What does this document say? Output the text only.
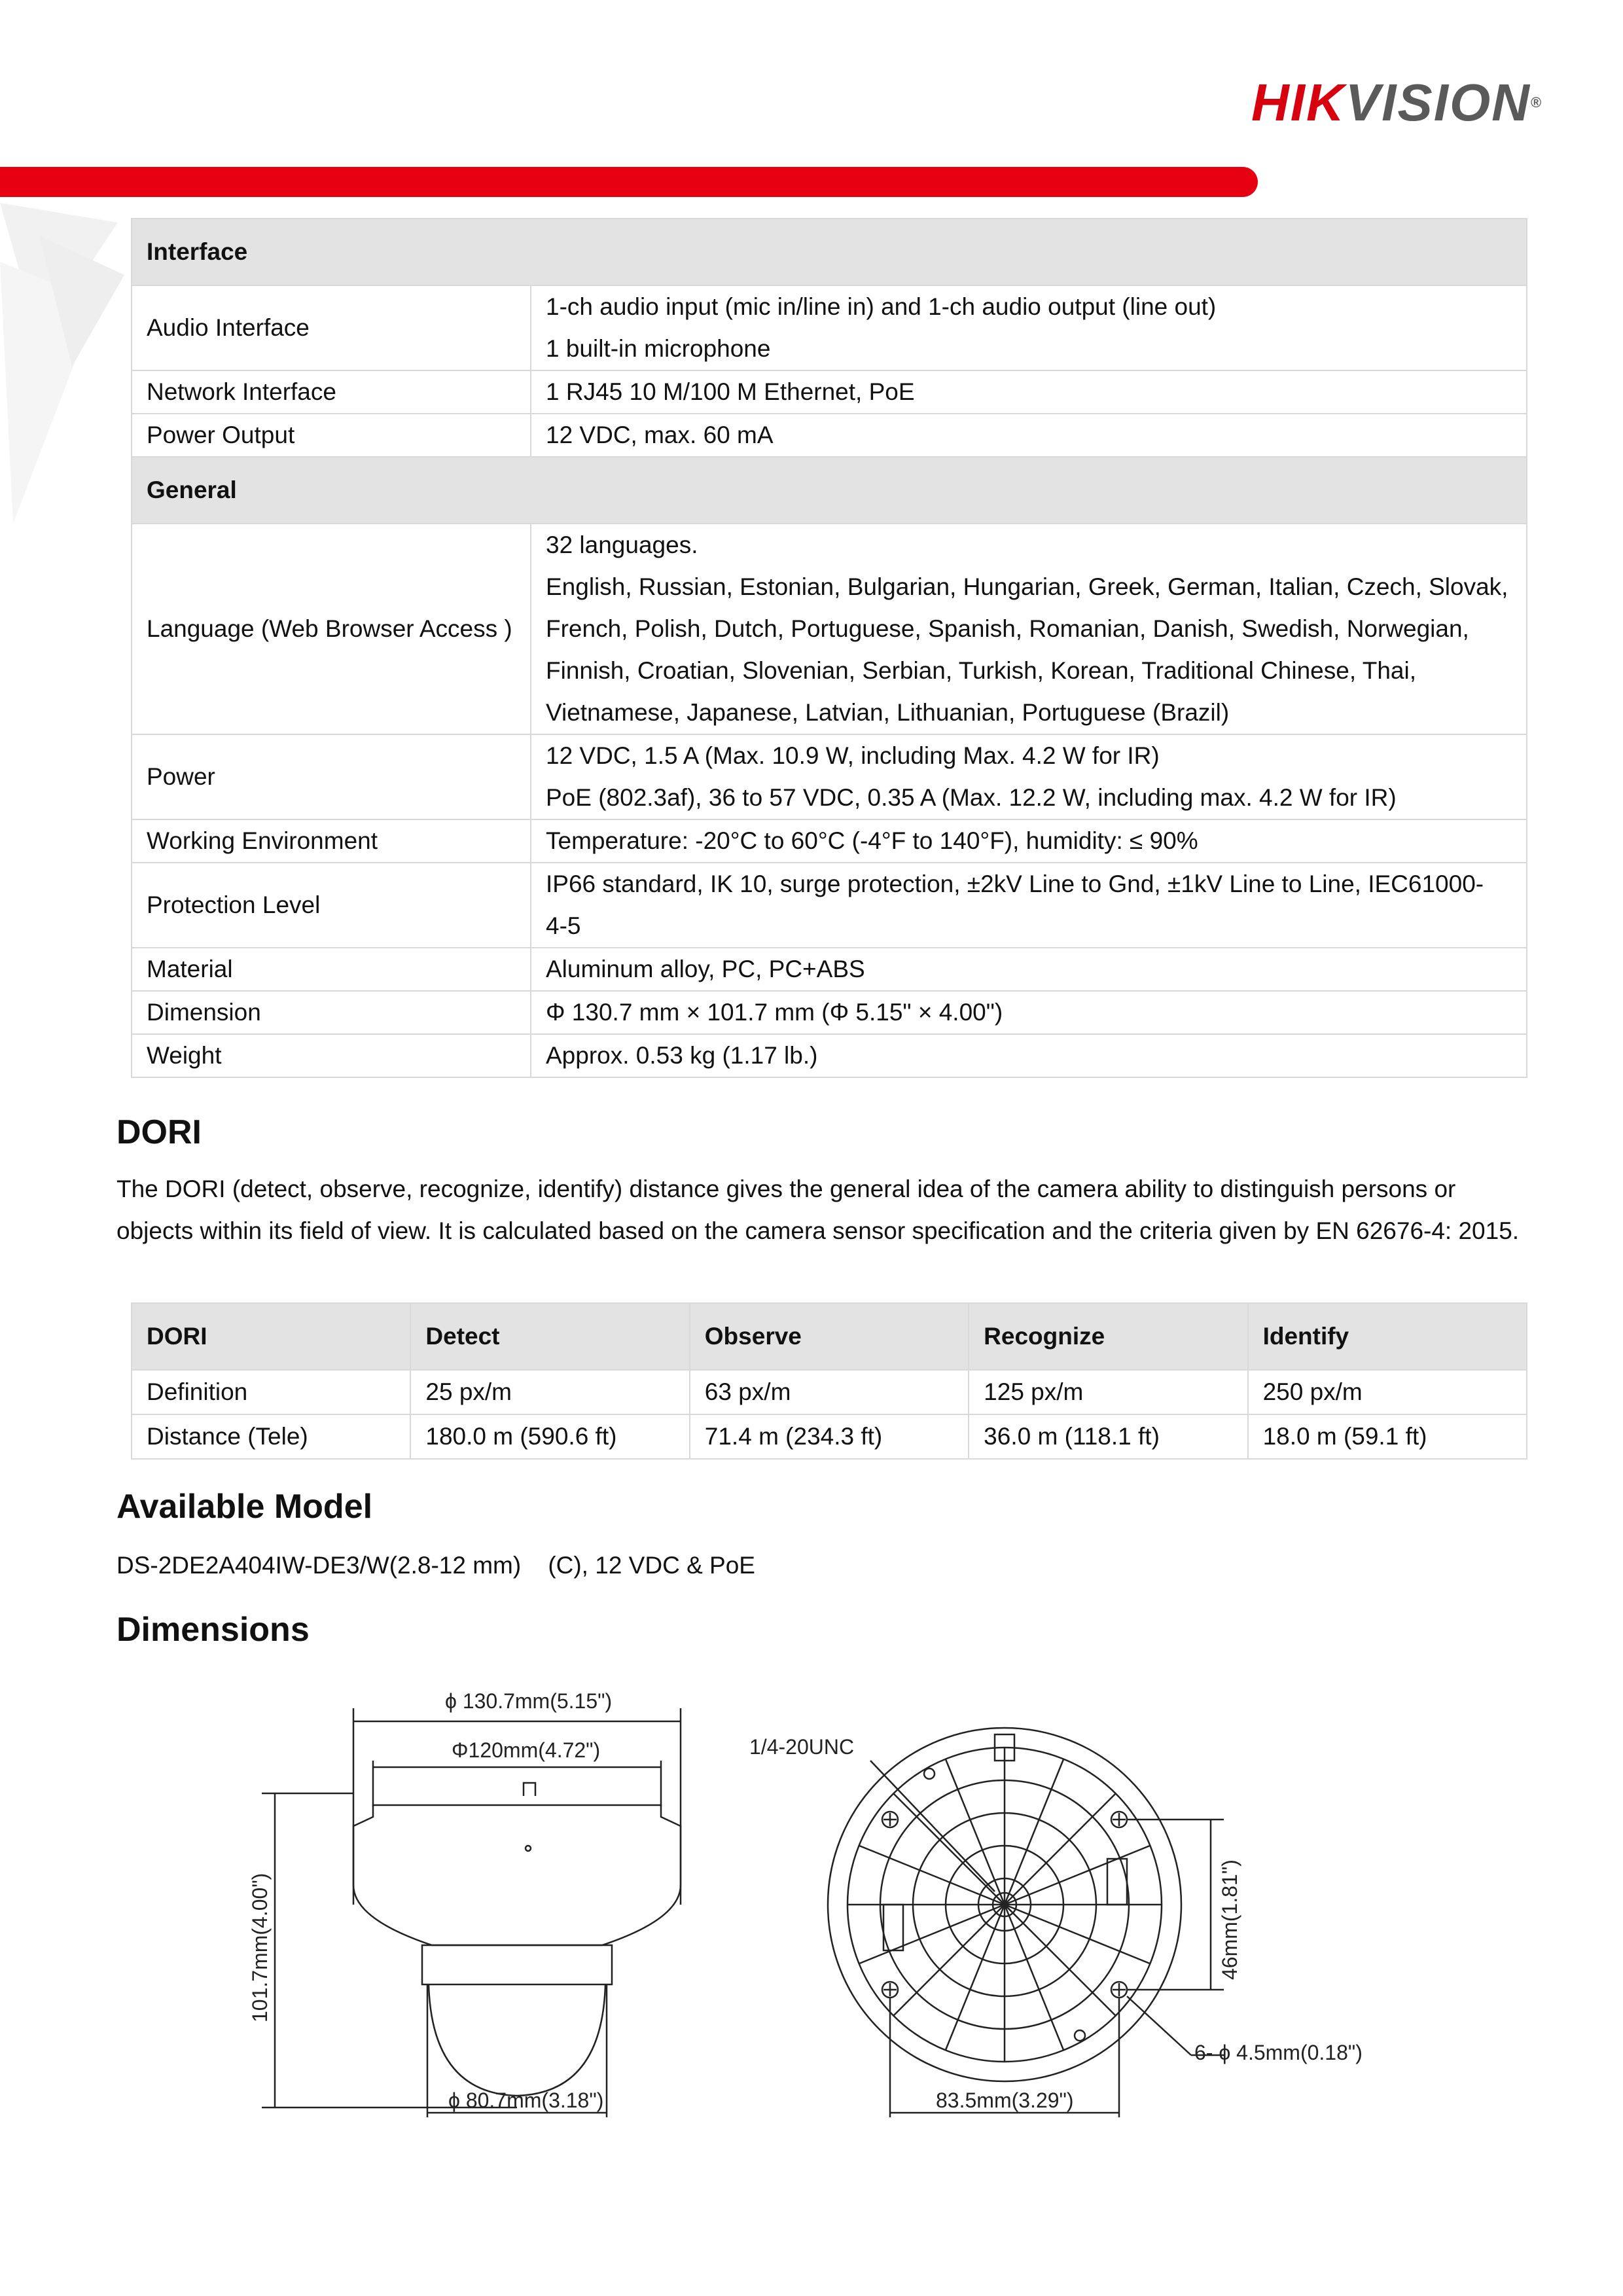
HIKVISION®
Interface	
Audio Interface	1-ch audio input (mic in/line in) and 1-ch audio output (line out)
1 built-in microphone

Network Interface	1 RJ45 10 M/100 M Ethernet, PoE

Power Output	12 VDC, max. 60 mA

General	
Language (Web Browser Access )	32 languages.
English, Russian, Estonian, Bulgarian, Hungarian, Greek, German, Italian, Czech, Slovak,
French, Polish, Dutch, Portuguese, Spanish, Romanian, Danish, Swedish, Norwegian,
Finnish, Croatian, Slovenian, Serbian, Turkish, Korean, Traditional Chinese, Thai,
Vietnamese, Japanese, Latvian, Lithuanian, Portuguese (Brazil)

Power	12 VDC, 1.5 A (Max. 10.9 W, including Max. 4.2 W for IR)
PoE (802.3af), 36 to 57 VDC, 0.35 A (Max. 12.2 W, including max. 4.2 W for IR)

Working Environment	Temperature: -20°C to 60°C (-4°F to 140°F), humidity: ≤ 90%

Protection Level	IP66 standard, IK 10, surge protection, ±2kV Line to Gnd, ±1kV Line to Line, IEC61000-
4-5

Material	Aluminum alloy, PC, PC+ABS

Dimension	Φ 130.7 mm × 101.7 mm (Φ 5.15" × 4.00")

Weight	Approx. 0.53 kg (1.17 lb.)
DORI
The DORI (detect, observe, recognize, identify) distance gives the general idea of the camera ability to distinguish persons or objects within its field of view. It is calculated based on the camera sensor specification and the criteria given by EN 62676-4: 2015.
DORI	Detect	Observe	Recognize	Identify
Definition	25 px/m	63 px/m	125 px/m	250 px/m
Distance (Tele)	180.0 m (590.6 ft)	71.4 m (234.3 ft)	36.0 m (118.1 ft)	18.0 m (59.1 ft)
Available Model
DS-2DE2A404IW-DE3/W(2.8-12 mm)    (C), 12 VDC & PoE
Dimensions
ϕ 130.7mm(5.15")
Φ120mm(4.72")
101.7mm(4.00")
ϕ 80.7mm(3.18")
1/4-20UNC
46mm(1.81")
6- ϕ 4.5mm(0.18")
83.5mm(3.29")
